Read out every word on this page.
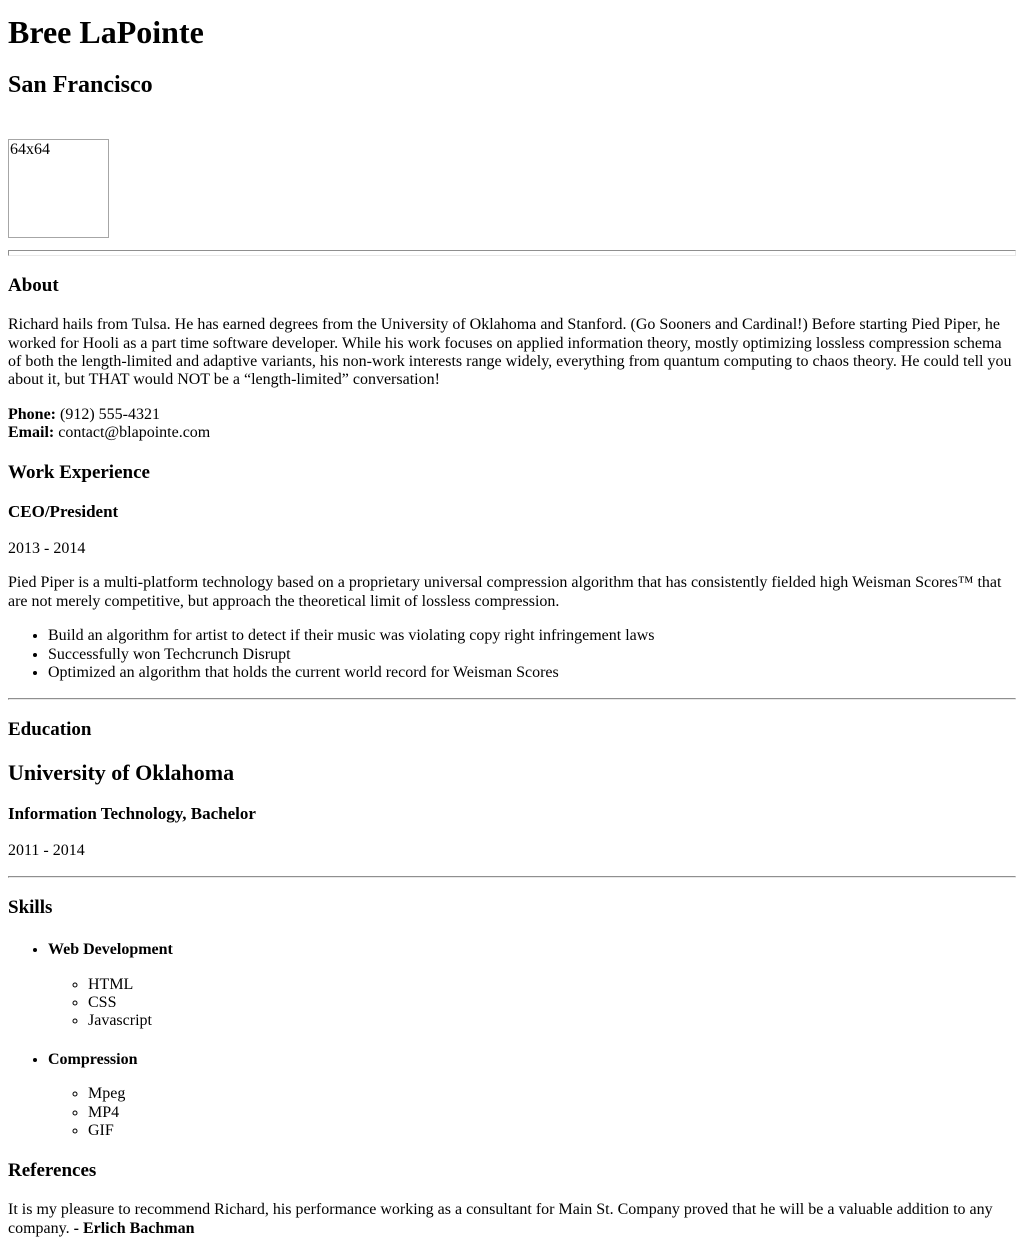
Bree LaPointe
San Francisco
64x64
About

Richard hails from Tulsa. He has earned degrees from the University of Oklahoma and Stanford. (Go Sooners and Cardinal!) Before starting Pied Piper, he worked for Hooli as a part time software developer. While his work focuses on applied information theory, mostly optimizing lossless compression schema of both the length-limited and adaptive variants, his non-work interests range widely, everything from quantum computing to chaos theory. He could tell you about it, but THAT would NOT be a “length-limited” conversation!

Phone: (912) 555-4321
Email: contact@blapointe.com

Work Experience
CEO/President

2013 - 2014

Pied Piper is a multi-platform technology based on a proprietary universal compression algorithm that has consistently fielded high Weisman Scores™ that are not merely competitive, but approach the theoretical limit of lossless compression.

• Build an algorithm for artist to detect if their music was violating copy right infringement laws
• Successfully won Techcrunch Disrupt
• Optimized an algorithm that holds the current world record for Weisman Scores
Education
University of Oklahoma
Information Technology, Bachelor

2011 - 2014

Skills

• Web Development

◦ HTML
◦ CSS
◦ Javascript

• Compression

◦ Mpeg
◦ MP4
◦ GIF
References

It is my pleasure to recommend Richard, his performance working as a consultant for Main St. Company proved that he will be a valuable addition to any company. - Erlich Bachman
